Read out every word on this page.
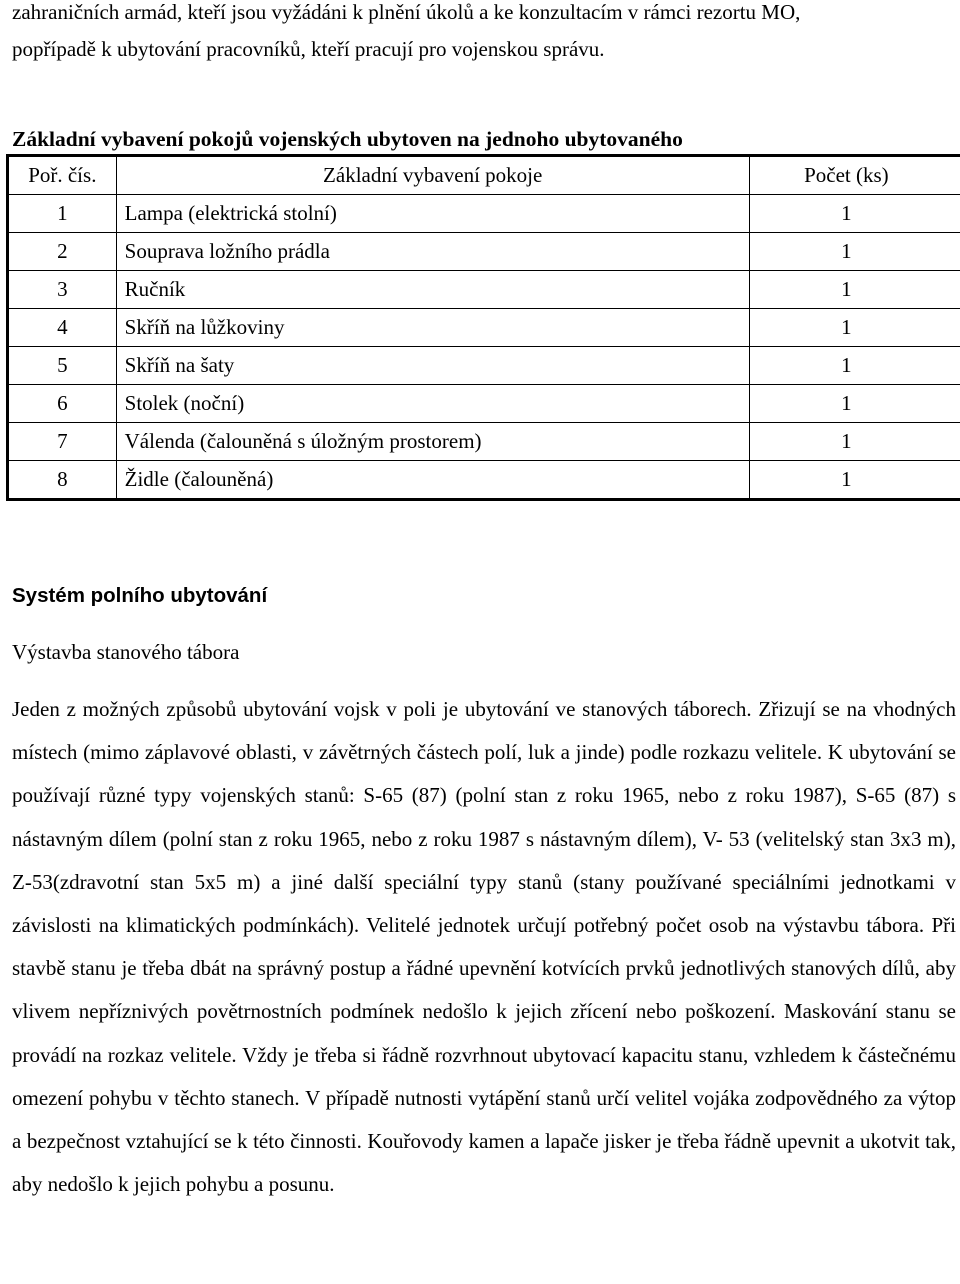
zahraničních armád, kteří jsou vyžádáni k plnění úkolů a ke konzultacím v rámci rezortu MO,
popřípadě k ubytování pracovníků, kteří pracují pro vojenskou správu.
Základní vybavení pokojů vojenských ubytoven na jednoho ubytovaného
Poř. čís.	Základní vybavení pokoje	Počet (ks)
1	Lampa (elektrická stolní)	1
2	Souprava ložního prádla	1
3	Ručník	1
4	Skříň na lůžkoviny	1
5	Skříň na šaty	1
6	Stolek (noční)	1
7	Válenda (čalouněná s úložným prostorem)	1
8	Židle (čalouněná)	1
Systém polního ubytování
Výstavba stanového tábora
Jeden z možných způsobů ubytování vojsk v poli je ubytování ve stanových táborech. Zřizují se na vhodných místech (mimo záplavové oblasti, v závětrných částech polí, luk a jinde) podle rozkazu velitele. K ubytování se používají různé typy vojenských stanů: S-65 (87) (polní stan z roku 1965, nebo z roku 1987), S-65 (87) s nástavným dílem (polní stan z roku 1965, nebo z roku 1987 s nástavným dílem), V- 53 (velitelský stan 3x3 m), Z-53(zdravotní stan 5x5 m) a jiné další speciální typy stanů (stany používané speciálními jednotkami v závislosti na klimatických podmínkách). Velitelé jednotek určují potřebný počet osob na výstavbu tábora. Při stavbě stanu je třeba dbát na správný postup a řádné upevnění kotvících prvků jednotlivých stanových dílů, aby vlivem nepříznivých povětrnostních podmínek nedošlo k jejich zřícení nebo poškození. Maskování stanu se provádí na rozkaz velitele. Vždy je třeba si řádně rozvrhnout ubytovací kapacitu stanu, vzhledem k částečnému omezení pohybu v těchto stanech. V případě nutnosti vytápění stanů určí velitel vojáka zodpovědného za výtop a bezpečnost vztahující se k této činnosti. Kouřovody kamen a lapače jisker je třeba řádně upevnit a ukotvit tak, aby nedošlo k jejich pohybu a posunu.
